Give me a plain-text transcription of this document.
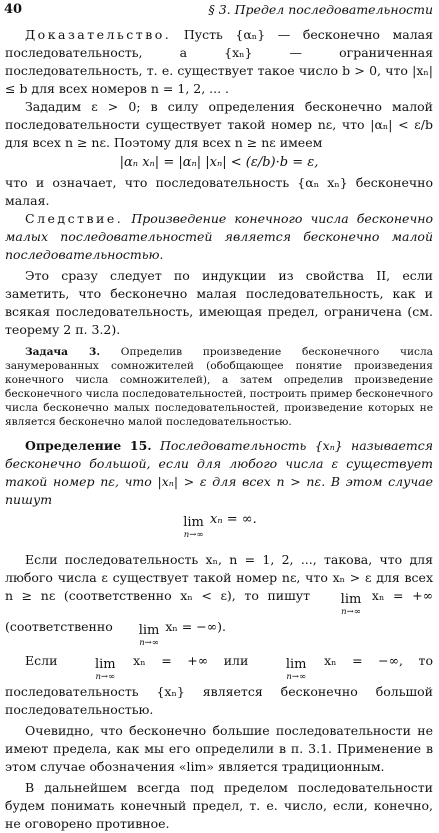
40	§ 3. Предел последовательности

Доказательство. Пусть {αₙ} — бесконечно малая последовательность, а {xₙ} — ограниченная последовательность, т. е. существует такое число b > 0, что |xₙ| ≤ b для всех номеров n = 1, 2, ... .

Зададим ε > 0; в силу определения бесконечно малой последовательности существует такой номер nε, что |αₙ| < ε/b для всех n ≥ nε. Поэтому для всех n ≥ nε имеем

|αₙ xₙ| = |αₙ| |xₙ| < (ε/b)·b = ε,

что и означает, что последовательность {αₙ xₙ} бесконечно малая.

Следствие. Произведение конечного числа бесконечно малых последовательностей является бесконечно малой последовательностью.

Это сразу следует по индукции из свойства II, если заметить, что бесконечно малая последовательность, как и всякая последовательность, имеющая предел, ограничена (см. теорему 2 п. 3.2).

Задача 3. Определив произведение бесконечного числа занумерованных сомножителей (обобщающее понятие произведения конечного числа сомножителей), а затем определив произведение бесконечного числа последовательностей, построить пример бесконечного числа бесконечно малых последовательностей, произведение которых не является бесконечно малой последовательностью.

Определение 15. Последовательность {xₙ} называется бесконечно большой, если для любого числа ε существует такой номер nε, что |xₙ| > ε для всех n > nε. В этом случае пишут

lim
n→∞
xₙ = ∞.

Если последовательность xₙ, n = 1, 2, ..., такова, что для любого числа ε существует такой номер nε, что xₙ > ε для всех n ≥ nε (соответственно xₙ < ε), то пишут	lim
n→∞
xₙ = +∞ (соответственно	lim
n→∞
xₙ = −∞).

Если	lim
n→∞
xₙ = +∞ или	lim
n→∞
xₙ = −∞, то последовательность {xₙ} является бесконечно большой последовательностью.

Очевидно, что бесконечно большие последовательности не имеют предела, как мы его определили в п. 3.1. Применение в этом случае обозначения «lim» является традиционным.

В дальнейшем всегда под пределом последовательности будем понимать конечный предел, т. е. число, если, конечно, не оговорено противное.
